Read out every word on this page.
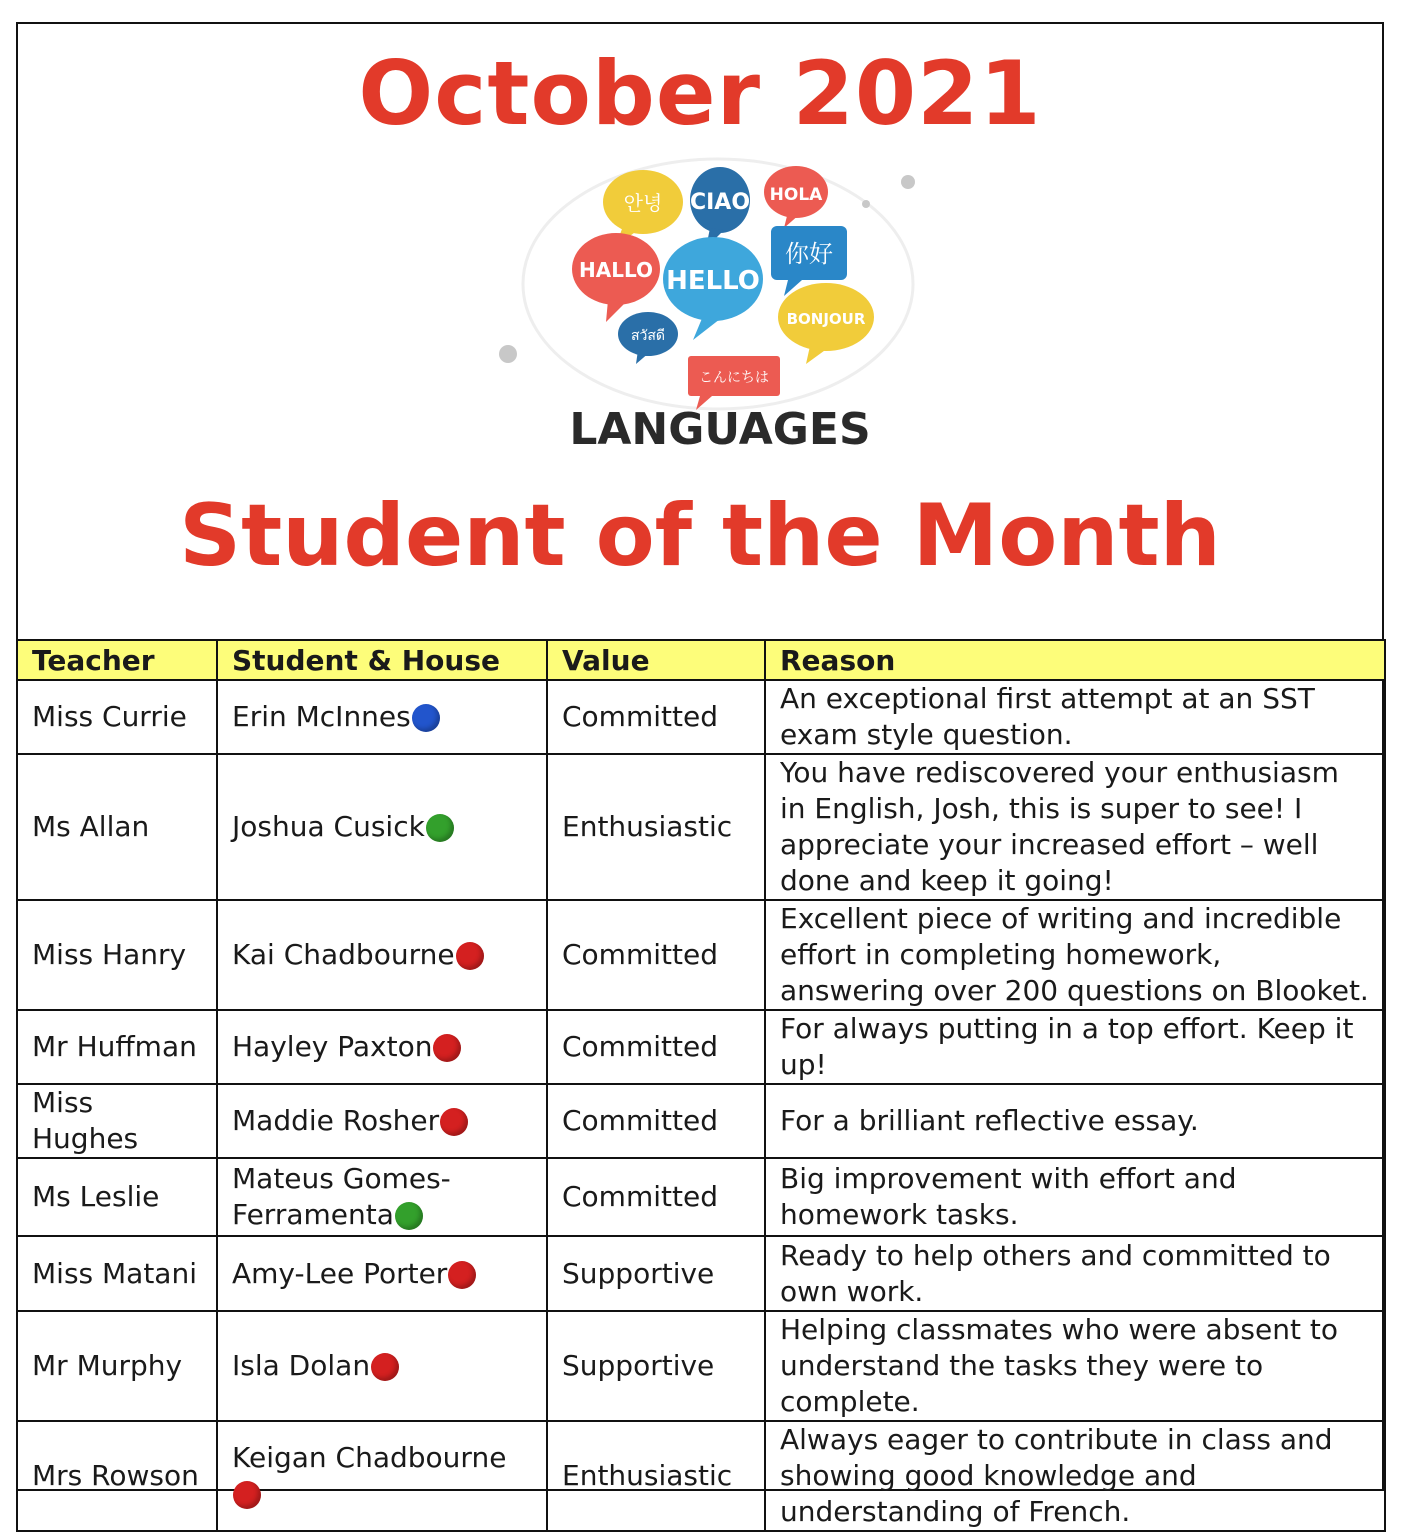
October 2021
안녕 CIAO HOLA
HALLO HELLO
你好
BONJOUR
สวัสดี
こんにちは
LANGUAGES
Student of the Month
Teacher	Student & House	Value	Reason
Miss Currie	Erin McInnes	Committed	An exceptional first attempt at an SST exam style question.
Ms Allan	Joshua Cusick	Enthusiastic	You have rediscovered your enthusiasm in English, Josh, this is super to see! I appreciate your increased effort – well done and keep it going!
Miss Hanry	Kai Chadbourne	Committed	Excellent piece of writing and incredible effort in completing homework, answering over 200 questions on Blooket.
Mr Huffman	Hayley Paxton	Committed	For always putting in a top effort. Keep it up!
Miss Hughes	Maddie Rosher	Committed	For a brilliant reflective essay.
Ms Leslie	Mateus Gomes-Ferramenta	Committed	Big improvement with effort and homework tasks.
Miss Matani	Amy-Lee Porter	Supportive	Ready to help others and committed to own work.
Mr Murphy	Isla Dolan	Supportive	Helping classmates who were absent to understand the tasks they were to complete.
Mrs Rowson	Keigan Chadbourne	Enthusiastic	Always eager to contribute in class and showing good knowledge and understanding of French.
